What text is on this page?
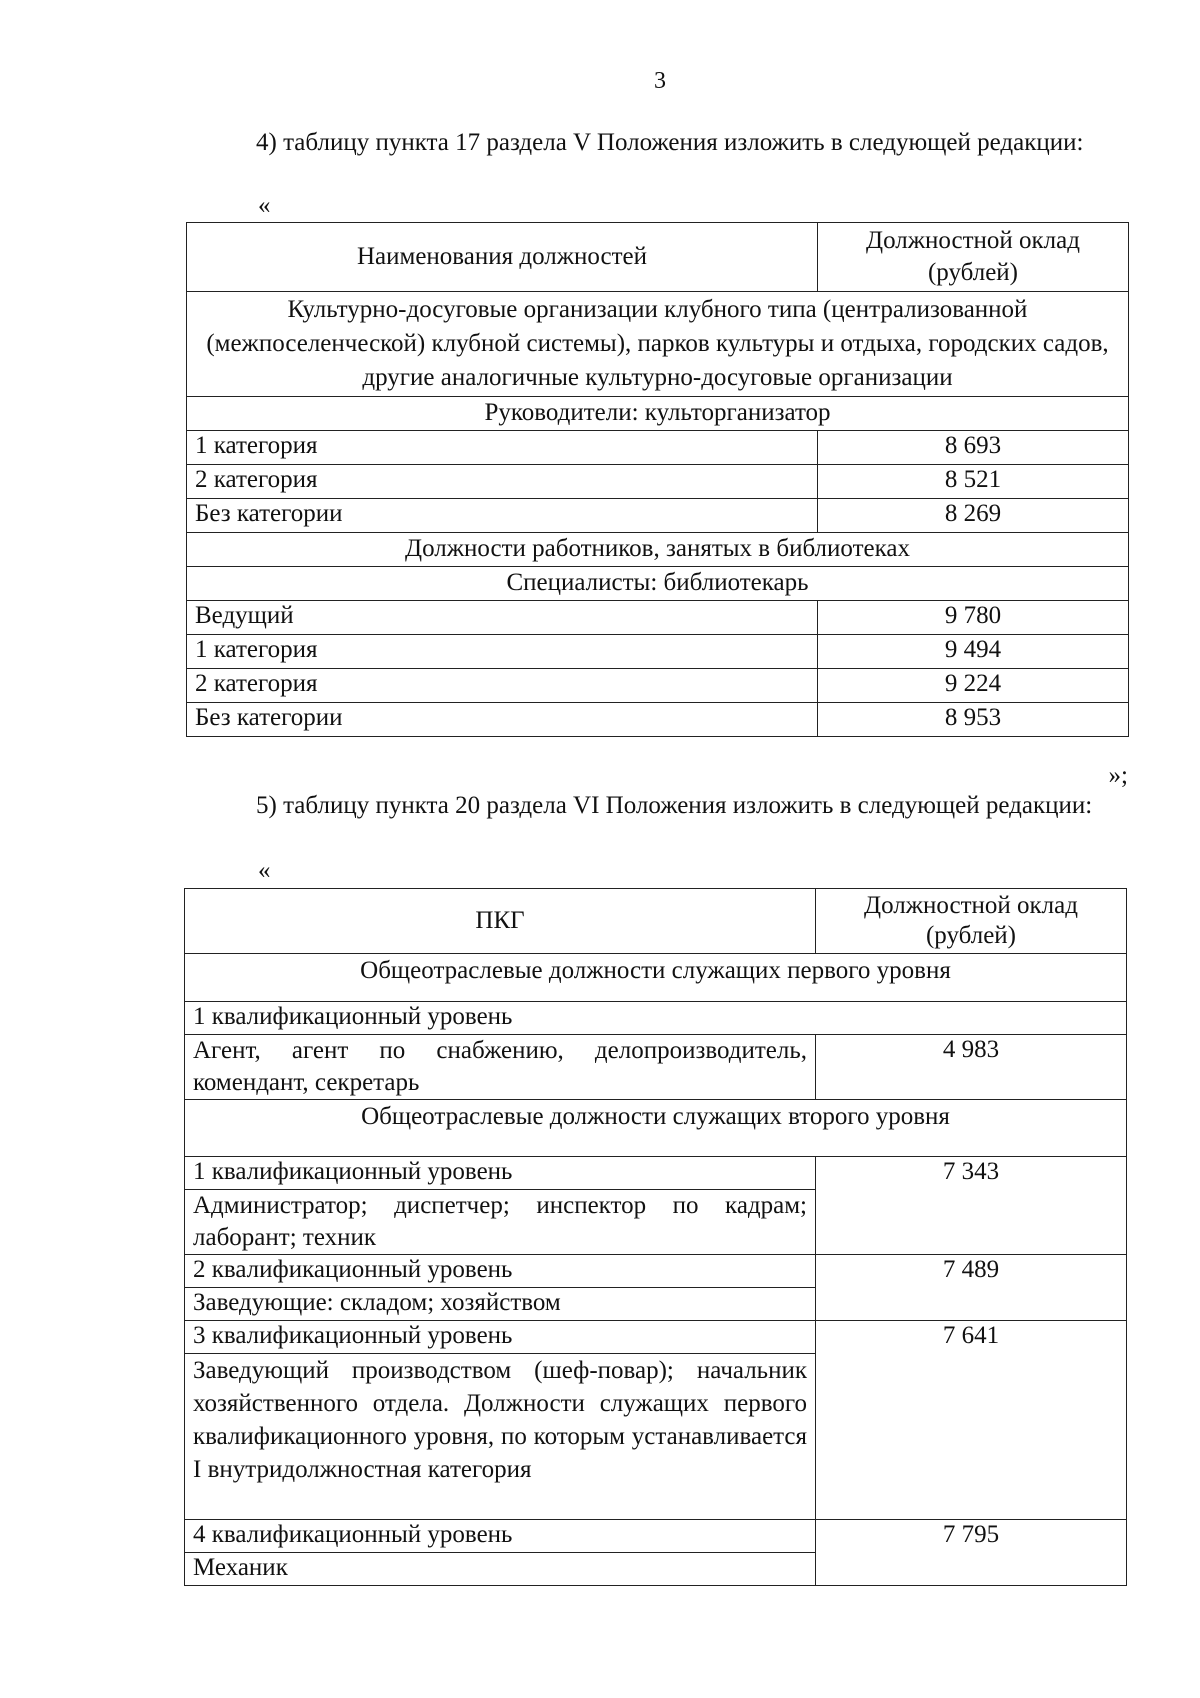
3
4) таблицу пункта 17 раздела V Положения изложить в следующей редакции:
«
Наименования должностей	Должностной оклад (рублей)
Культурно-досуговые организации клубного типа (централизованной (межпоселенческой) клубной системы), парков культуры и отдыха, городских садов, другие аналогичные культурно-досуговые организации	
Руководители: культорганизатор	
1 категория	8 693
2 категория	8 521
Без категории	8 269
Должности работников, занятых в библиотеках	
Специалисты: библиотекарь	
Ведущий	9 780
1 категория	9 494
2 категория	9 224
Без категории	8 953
»;
5) таблицу пункта 20 раздела VI Положения изложить в следующей редакции:
«
ПКГ	Должностной оклад (рублей)
Общеотраслевые должности служащих первого уровня	
1 квалификационный уровень	
Агент, агент по снабжению, делопроизводитель, комендант, секретарь	4 983
Общеотраслевые должности служащих второго уровня	
1 квалификационный уровень	7 343
Администратор; диспетчер; инспектор по кадрам; лаборант; техник	
2 квалификационный уровень	7 489
Заведующие: складом; хозяйством	
3 квалификационный уровень	7 641
Заведующий производством (шеф-повар); начальник хозяйственного отдела. Должности служащих первого квалификационного уровня, по которым устанавливается I внутридолжностная категория	
4 квалификационный уровень	7 795
Механик	
